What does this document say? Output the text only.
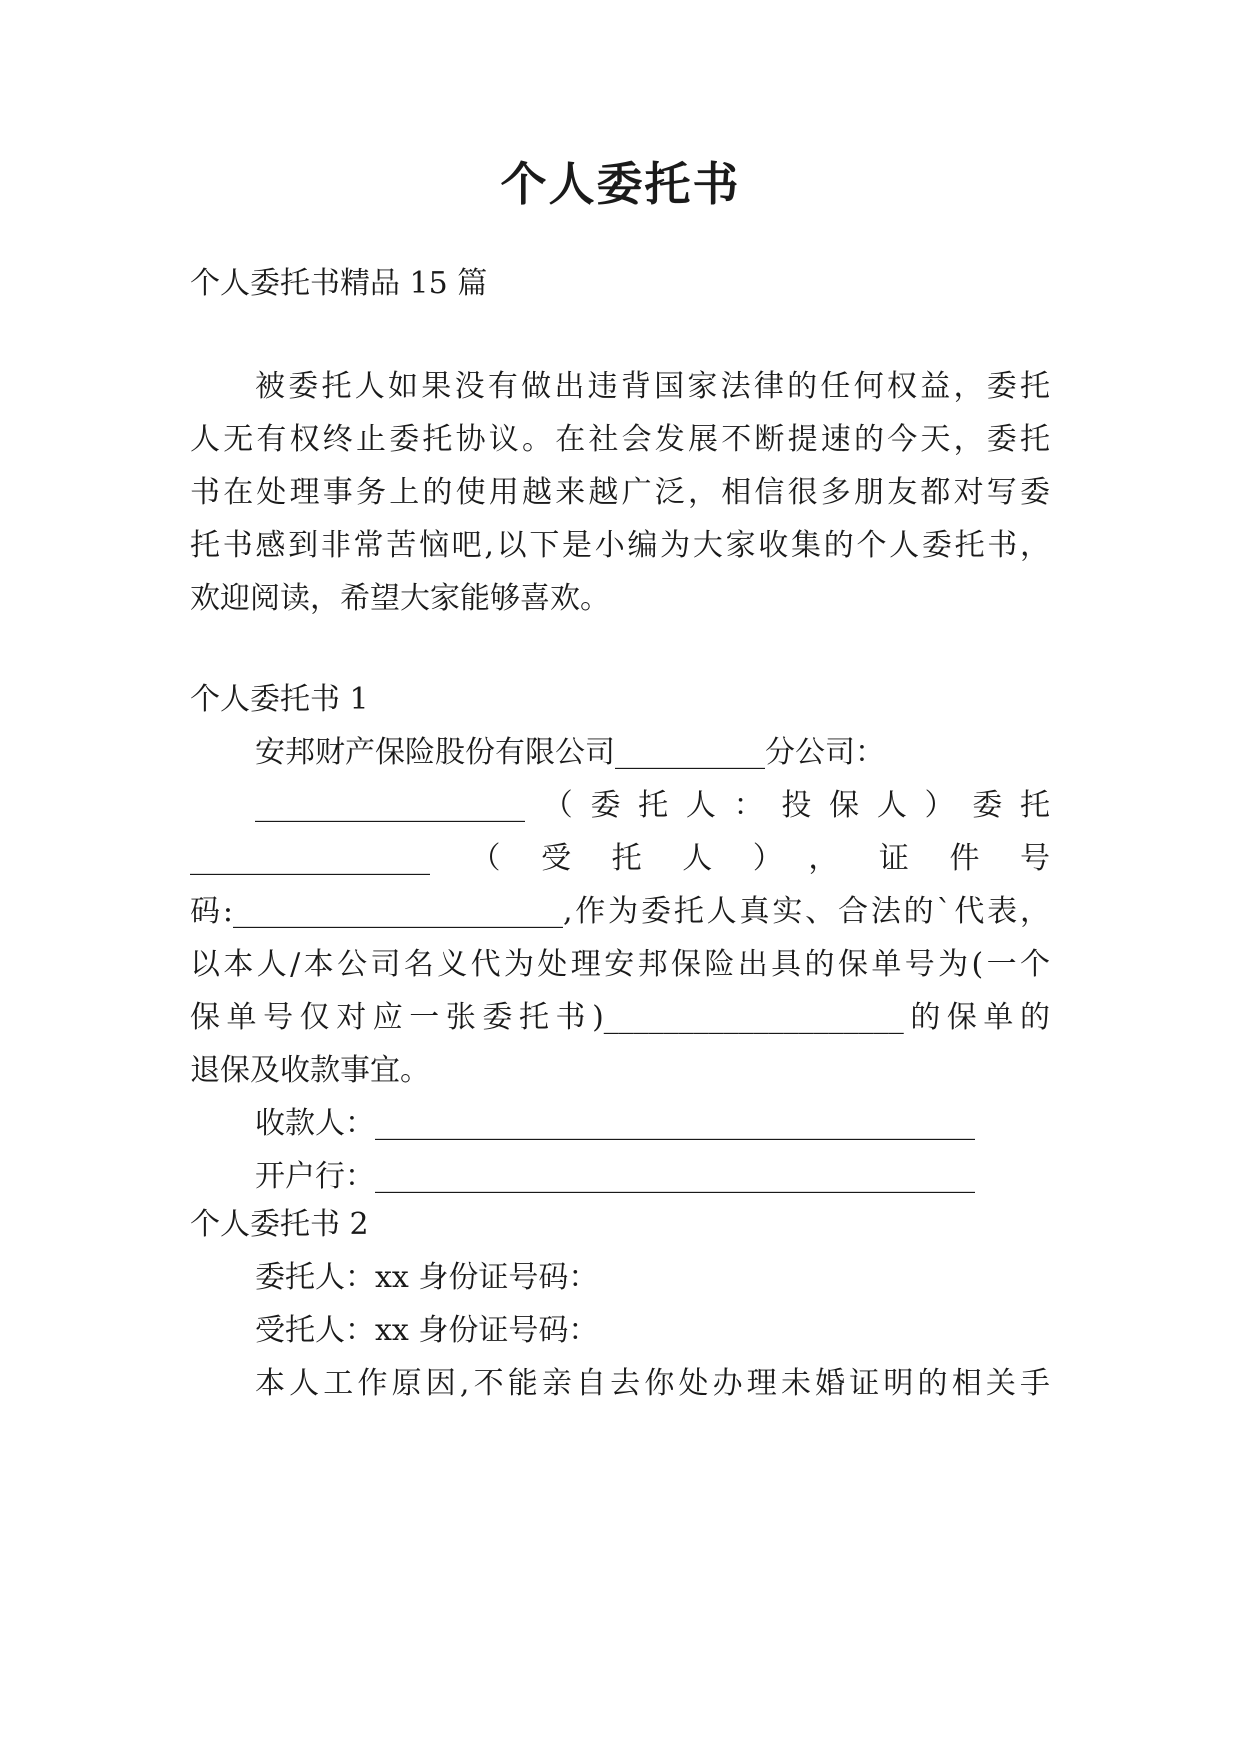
个人委托书
个人委托书精品 15 篇
被委托人如果没有做出违背国家法律的任何权益，委托
人无有权终止委托协议。在社会发展不断提速的今天，委托
书在处理事务上的使用越来越广泛，相信很多朋友都对写委
托书感到非常苦恼吧,以下是小编为大家收集的个人委托书，
欢迎阅读，希望大家能够喜欢。
个人委托书 1
安邦财产保险股份有限公司__________分公司：
__________________（委托人：投保人）委托
________________（受托人），证件号
码:______________________,作为委托人真实、合法的`代表，
以本人/本公司名义代为处理安邦保险出具的保单号为(一个
保单号仅对应一张委托书)____________________的保单的
退保及收款事宜。
收款人：________________________________________
开户行：________________________________________
个人委托书 2
委托人：xx 身份证号码：
受托人：xx 身份证号码：
本人工作原因,不能亲自去你处办理未婚证明的相关手
